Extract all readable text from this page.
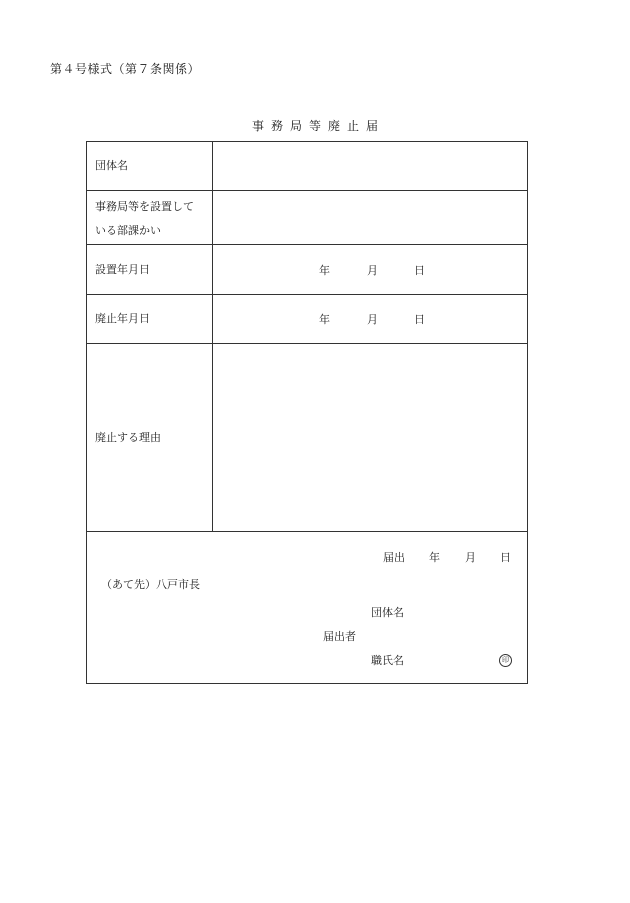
第４号様式（第７条関係）
事務局等廃止届
団体名
事務局等を設置して
いる部課かい
設置年月日	年	月	日
廃止年月日	年	月	日
廃止する理由
届出 年 月 日
（あて先）八戸市長
団体名
届出者
職氏名	印
